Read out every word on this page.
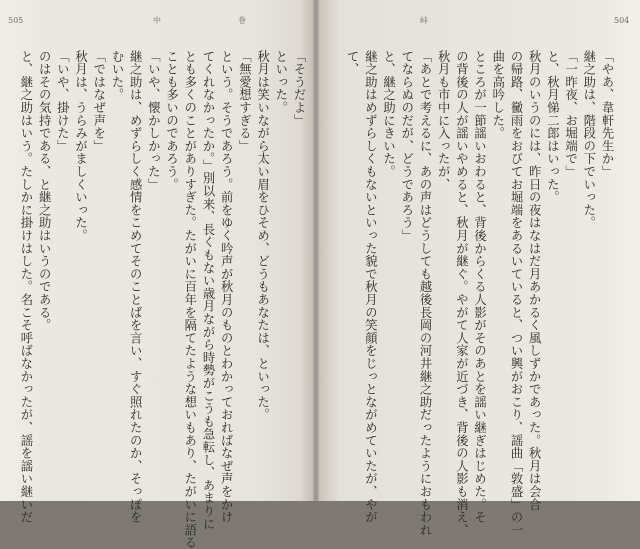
505	中	巻

「そうだよ」

といった。

秋月は笑いながら太い眉をひそめ、どうもあなたは、といった。

「無愛想すぎる」

という。そうであろう。前をゆく吟声が秋月のものとわかっておればなぜ声をかけ

てくれなかったか。」別以来、長くもない歳月ながら時勢がこうも急転し、あまりに

とも多くのことがありすぎた。たがいに百年を隔てたような想いもあり、たがいに語る

ことも多いのであろう。

「いや、懐かしかった」

継之助は、めずらしく感情をこめてそのことばを言い、すぐ照れたのか、そっぽを

むいた。

「ではなぜ声を」

秋月は、うらみがましくいった。

「いや、掛けた」

のはその気持である、と継之助はいうのである。

と、継之助はいう。たしかに掛けはした。名こそ呼ばなかったが、謡を謡い継いだ

504
峠

「やあ、韋軒先生か」

継之助は、階段の下でいった。

「一昨夜、お堀端で」

と、秋月悌二郎はいった。

秋月のいうのには、昨日の夜はなはだ月あかるく風しずかであった。秋月は会合

の帰路、黴雨をおびてお堀端をあるいていると、つい興がおこり、謡曲「敦盛」の一

曲を高吟した。

ところが一節謡いおわると、背後からくる人影がそのあとを謡い継ぎはじめた。そ

の背後の人が謡いやめると、秋月が継ぐ。やがて人家が近づき、背後の人影も消え、

秋月も市中に入ったが、

「あとで考えるに、あの声はどうしても越後長岡の河井継之助だったようにおもわれ

てならぬのだが、どうであろう」

と、継之助にきいた。

継之助はめずらしくもないといった貌で秋月の笑顔をじっとながめていたが、やが

て、
